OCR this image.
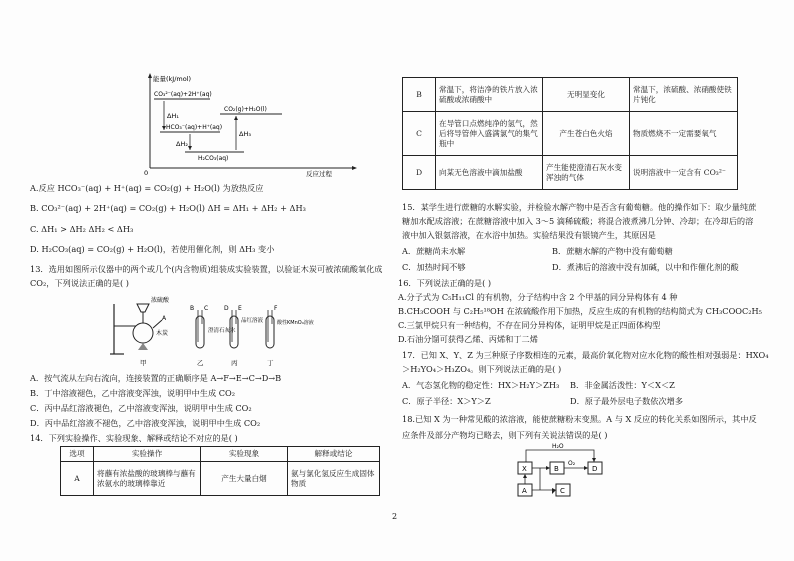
能量(kJ/mol)
CO₃²⁻(aq)+2H⁺(aq)
HCO₃⁻(aq)+H⁺(aq)
H₂CO₃(aq)
CO₂(g)+H₂O(l)
ΔH₁
ΔH₂
ΔH₃
0	反应过程
A.反应 HCO₃⁻(aq) + H⁺(aq) = CO₂(g) + H₂O(l) 为放热反应
B. CO₃²⁻(aq) + 2H⁺(aq) = CO₂(g) + H₂O(l) ΔH = ΔH₁ + ΔH₂ + ΔH₃
C. ΔH₁ > ΔH₂ ΔH₂ < ΔH₃
D. H₂CO₃(aq) = CO₂(g) + H₂O(l)，若使用催化剂，则 ΔH₃ 变小
13．选用如图所示仪器中的两个或几个(内含物质)组装成实验装置，以验证木炭可被浓硫酸氧化成
CO₂，下列说法正确的是( )
浓硫酸
木炭
A
甲
B C
澄清石灰水
乙
D E
品红溶液
丙
F
酸性KMnO₄溶液
丁
A．按气流从左向右流向，连接装置的正确顺序是 A→F→E→C→D→B
B．丁中溶液褪色，乙中溶液变浑浊，说明甲中生成 CO₂
C．丙中品红溶液褪色，乙中溶液变浑浊，说明甲中生成 CO₂
D．丙中品红溶液不褪色，乙中溶液变浑浊，说明甲中生成 CO₂
14．下列实验操作、实验现象、解释或结论不对应的是( )
选项	实验操作	实验现象	解释或结论
A	将蘸有浓盐酸的玻璃棒与蘸有浓氨水的玻璃棒靠近	产生大量白烟	氨与氯化氢反应生成固体物质
B	常温下，将洁净的铁片放入浓硫酸或浓硝酸中	无明显变化	常温下，浓硫酸、浓硝酸使铁片钝化
C	在导管口点燃纯净的氢气，然后将导管伸入盛满氯气的集气瓶中	产生苍白色火焰	物质燃烧不一定需要氧气
D	向某无色溶液中滴加盐酸	产生能使澄清石灰水变浑浊的气体	说明溶液中一定含有 CO₃²⁻
15．某学生进行蔗糖的水解实验，并检验水解产物中是否含有葡萄糖。他的操作如下：取少量纯蔗
糖加水配成溶液；在蔗糖溶液中加入 3～5 滴稀硫酸；将混合液煮沸几分钟、冷却；在冷却后的溶
液中加入银氨溶液，在水浴中加热。实验结果没有银镜产生，其原因是
A．蔗糖尚未水解	B．蔗糖水解的产物中没有葡萄糖
C．加热时间不够	D．煮沸后的溶液中没有加碱，以中和作催化剂的酸
16．下列说法正确的是( )
A.分子式为 C₅H₁₁Cl 的有机物，分子结构中含 2 个甲基的同分异构体有 4 种
B.CH₃COOH 与 C₂H₅¹⁸OH 在浓硫酸作用下加热，反应生成的有机物的结构简式为 CH₃COOC₂H₅
C.三氯甲烷只有一种结构，不存在同分异构体，证明甲烷是正四面体构型
D.石油分馏可获得乙烯、丙烯和丁二烯
17．已知 X、Y、Z 为三种原子序数相连的元素，最高价氧化物对应水化物的酸性相对强弱是：HXO₄
＞H₂YO₄＞H₃ZO₄。则下列说法正确的是( )
A．气态氢化物的稳定性：HX＞H₂Y＞ZH₃ B．非金属活泼性：Y＜X＜Z
C．原子半径：X＞Y＞Z	D．原子最外层电子数依次增多
18.已知 X 为一种常见酸的浓溶液，能使蔗糖粉末变黑。A 与 X 反应的转化关系如图所示，其中反
应条件及部分产物均已略去，则下列有关说法错误的是( )
X	B	D
A	C
O₂
H₂O
2
